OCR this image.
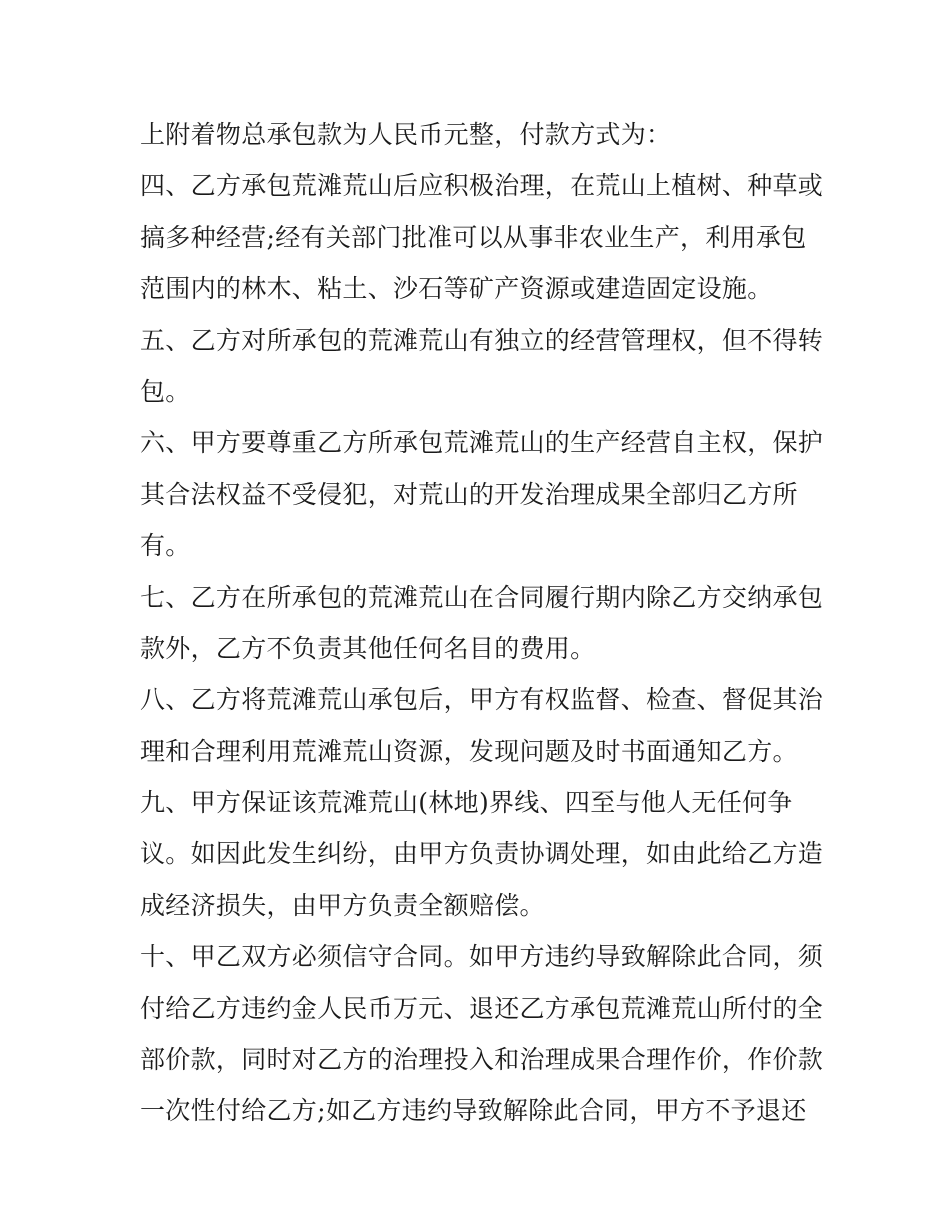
上附着物总承包款为人民币元整，付款方式为：
四、乙方承包荒滩荒山后应积极治理，在荒山上植树、种草或
搞多种经营;经有关部门批准可以从事非农业生产，利用承包
范围内的林木、粘土、沙石等矿产资源或建造固定设施。
五、乙方对所承包的荒滩荒山有独立的经营管理权，但不得转
包。
六、甲方要尊重乙方所承包荒滩荒山的生产经营自主权，保护
其合法权益不受侵犯，对荒山的开发治理成果全部归乙方所
有。
七、乙方在所承包的荒滩荒山在合同履行期内除乙方交纳承包
款外，乙方不负责其他任何名目的费用。
八、乙方将荒滩荒山承包后，甲方有权监督、检查、督促其治
理和合理利用荒滩荒山资源，发现问题及时书面通知乙方。
九、甲方保证该荒滩荒山(林地)界线、四至与他人无任何争
议。如因此发生纠纷，由甲方负责协调处理，如由此给乙方造
成经济损失，由甲方负责全额赔偿。
十、甲乙双方必须信守合同。如甲方违约导致解除此合同，须
付给乙方违约金人民币万元、退还乙方承包荒滩荒山所付的全
部价款，同时对乙方的治理投入和治理成果合理作价，作价款
一次性付给乙方;如乙方违约导致解除此合同，甲方不予退还
